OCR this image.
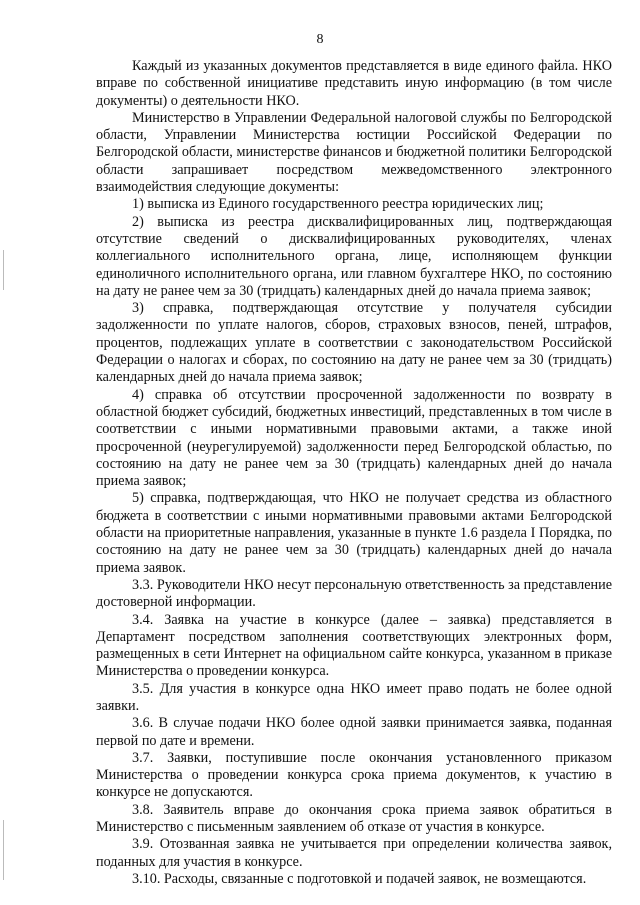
8

Каждый из указанных документов представляется в виде единого файла. НКО вправе по собственной инициативе представить иную информацию (в том числе документы) о деятельности НКО.

Министерство в Управлении Федеральной налоговой службы по Белгородской области, Управлении Министерства юстиции Российской Федерации по Белгородской области, министерстве финансов и бюджетной политики Белгородской области запрашивает посредством межведомственного электронного взаимодействия следующие документы:

1) выписка из Единого государственного реестра юридических лиц;

2) выписка из реестра дисквалифицированных лиц, подтверждающая отсутствие сведений о дисквалифицированных руководителях, членах коллегиального исполнительного органа, лице, исполняющем функции единоличного исполнительного органа, или главном бухгалтере НКО, по состоянию на дату не ранее чем за 30 (тридцать) календарных дней до начала приема заявок;

3) справка, подтверждающая отсутствие у получателя субсидии задолженности по уплате налогов, сборов, страховых взносов, пеней, штрафов, процентов, подлежащих уплате в соответствии с законодательством Российской Федерации о налогах и сборах, по состоянию на дату не ранее чем за 30 (тридцать) календарных дней до начала приема заявок;

4) справка об отсутствии просроченной задолженности по возврату в областной бюджет субсидий, бюджетных инвестиций, представленных в том числе в соответствии с иными нормативными правовыми актами, а также иной просроченной (неурегулируемой) задолженности перед Белгородской областью, по состоянию на дату не ранее чем за 30 (тридцать) календарных дней до начала приема заявок;

5) справка, подтверждающая, что НКО не получает средства из областного бюджета в соответствии с иными нормативными правовыми актами Белгородской области на приоритетные направления, указанные в пункте 1.6 раздела I Порядка, по состоянию на дату не ранее чем за 30 (тридцать) календарных дней до начала приема заявок.

3.3. Руководители НКО несут персональную ответственность за представление достоверной информации.

3.4. Заявка на участие в конкурсе (далее – заявка) представляется в Департамент посредством заполнения соответствующих электронных форм, размещенных в сети Интернет на официальном сайте конкурса, указанном в приказе Министерства о проведении конкурса.

3.5. Для участия в конкурсе одна НКО имеет право подать не более одной заявки.

3.6. В случае подачи НКО более одной заявки принимается заявка, поданная первой по дате и времени.

3.7. Заявки, поступившие после окончания установленного приказом Министерства о проведении конкурса срока приема документов, к участию в конкурсе не допускаются.

3.8. Заявитель вправе до окончания срока приема заявок обратиться в Министерство с письменным заявлением об отказе от участия в конкурсе.

3.9. Отозванная заявка не учитывается при определении количества заявок, поданных для участия в конкурсе.

3.10. Расходы, связанные с подготовкой и подачей заявок, не возмещаются.
